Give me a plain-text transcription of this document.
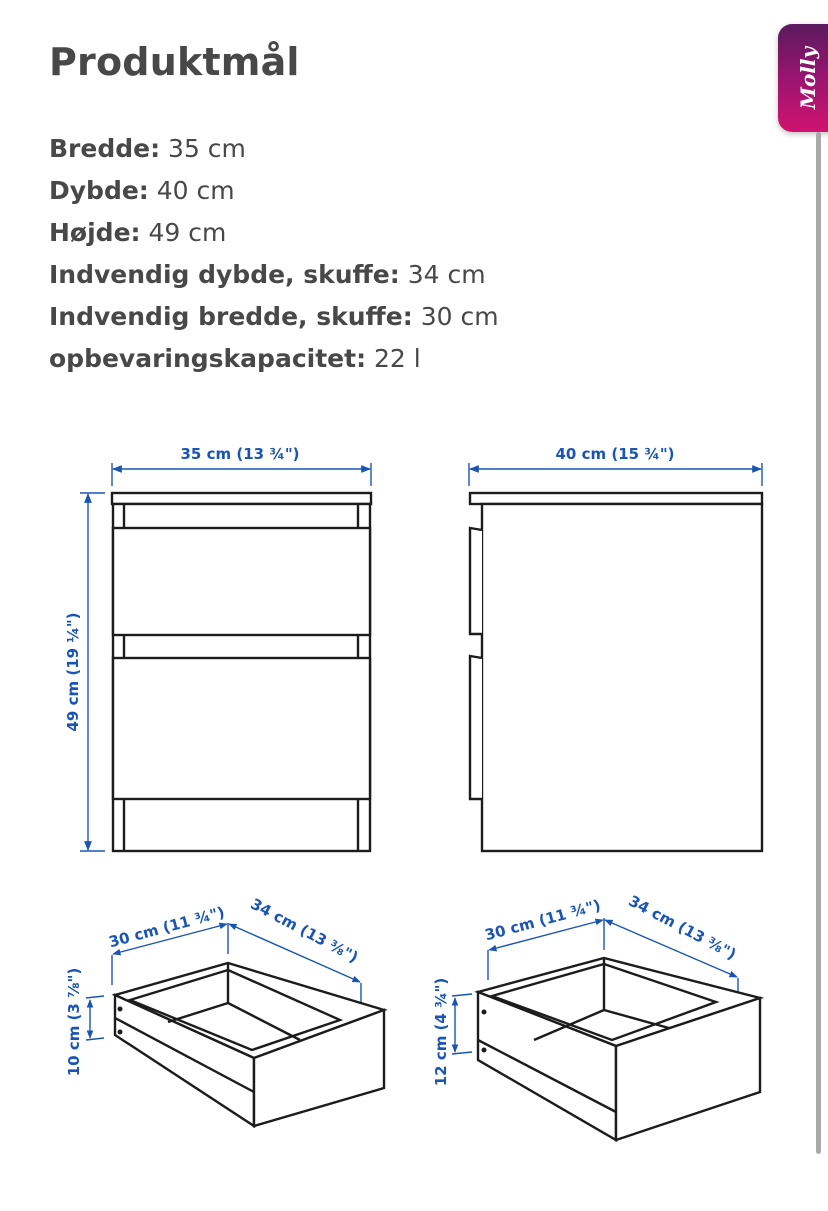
Produktmål
Bredde: 35 cm
Dybde: 40 cm
Højde: 49 cm
Indvendig dybde, skuffe: 34 cm
Indvendig bredde, skuffe: 30 cm
opbevaringskapacitet: 22 l
Molly
35 cm (13 ¾")
49 cm (19 ¼")
40 cm (15 ¾")
30 cm (11 ¾") 34 cm (13 ⅜")
10 cm (3 ⅞")
30 cm (11 ¾") 34 cm (13 ⅜")
12 cm (4 ¾")
